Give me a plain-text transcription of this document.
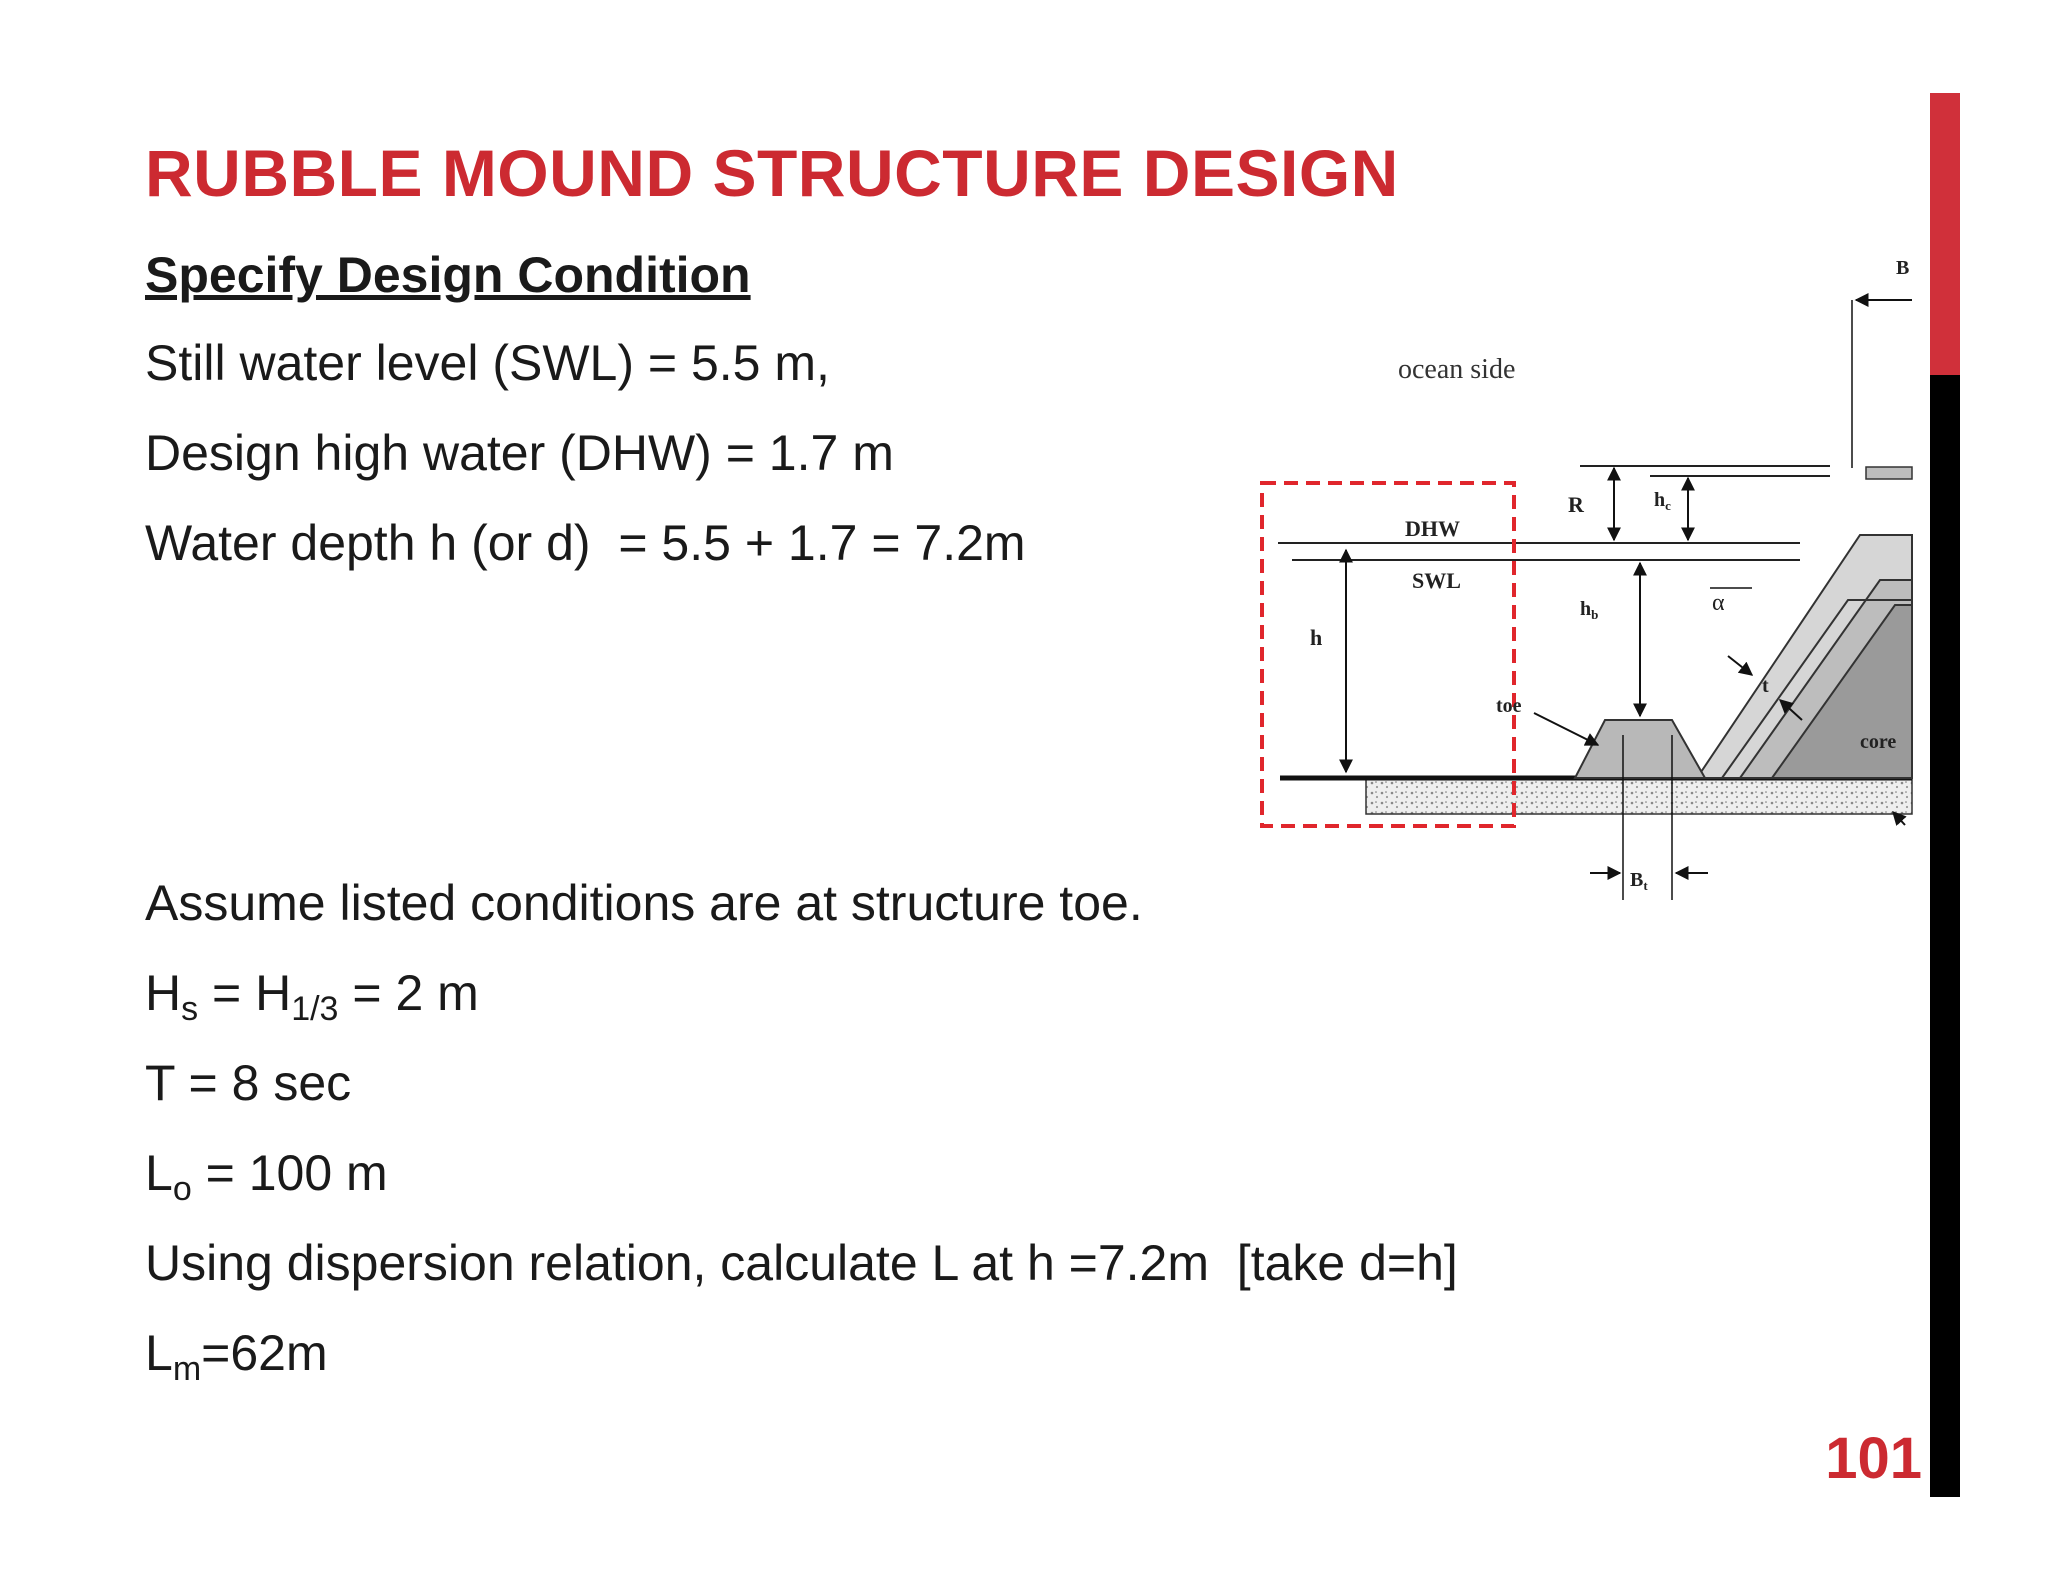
RUBBLE MOUND STRUCTURE DESIGN
Specify Design Condition
Still water level (SWL) = 5.5 m,
Design high water (DHW) = 1.7 m
Water depth h (or d)  = 5.5 + 1.7 = 7.2m
Assume listed conditions are at structure toe.
$H_s = H_{1/3} = 2$ m
T = 8 sec
$L_o = 100$ m
Using dispersion relation, calculate L at h =7.2m  [take d=h]
$L_m=62m$
101
ocean side
DHW
SWL
h
R	$h_c$
$h_b$	α
t
toe
core
$B_t$
B
